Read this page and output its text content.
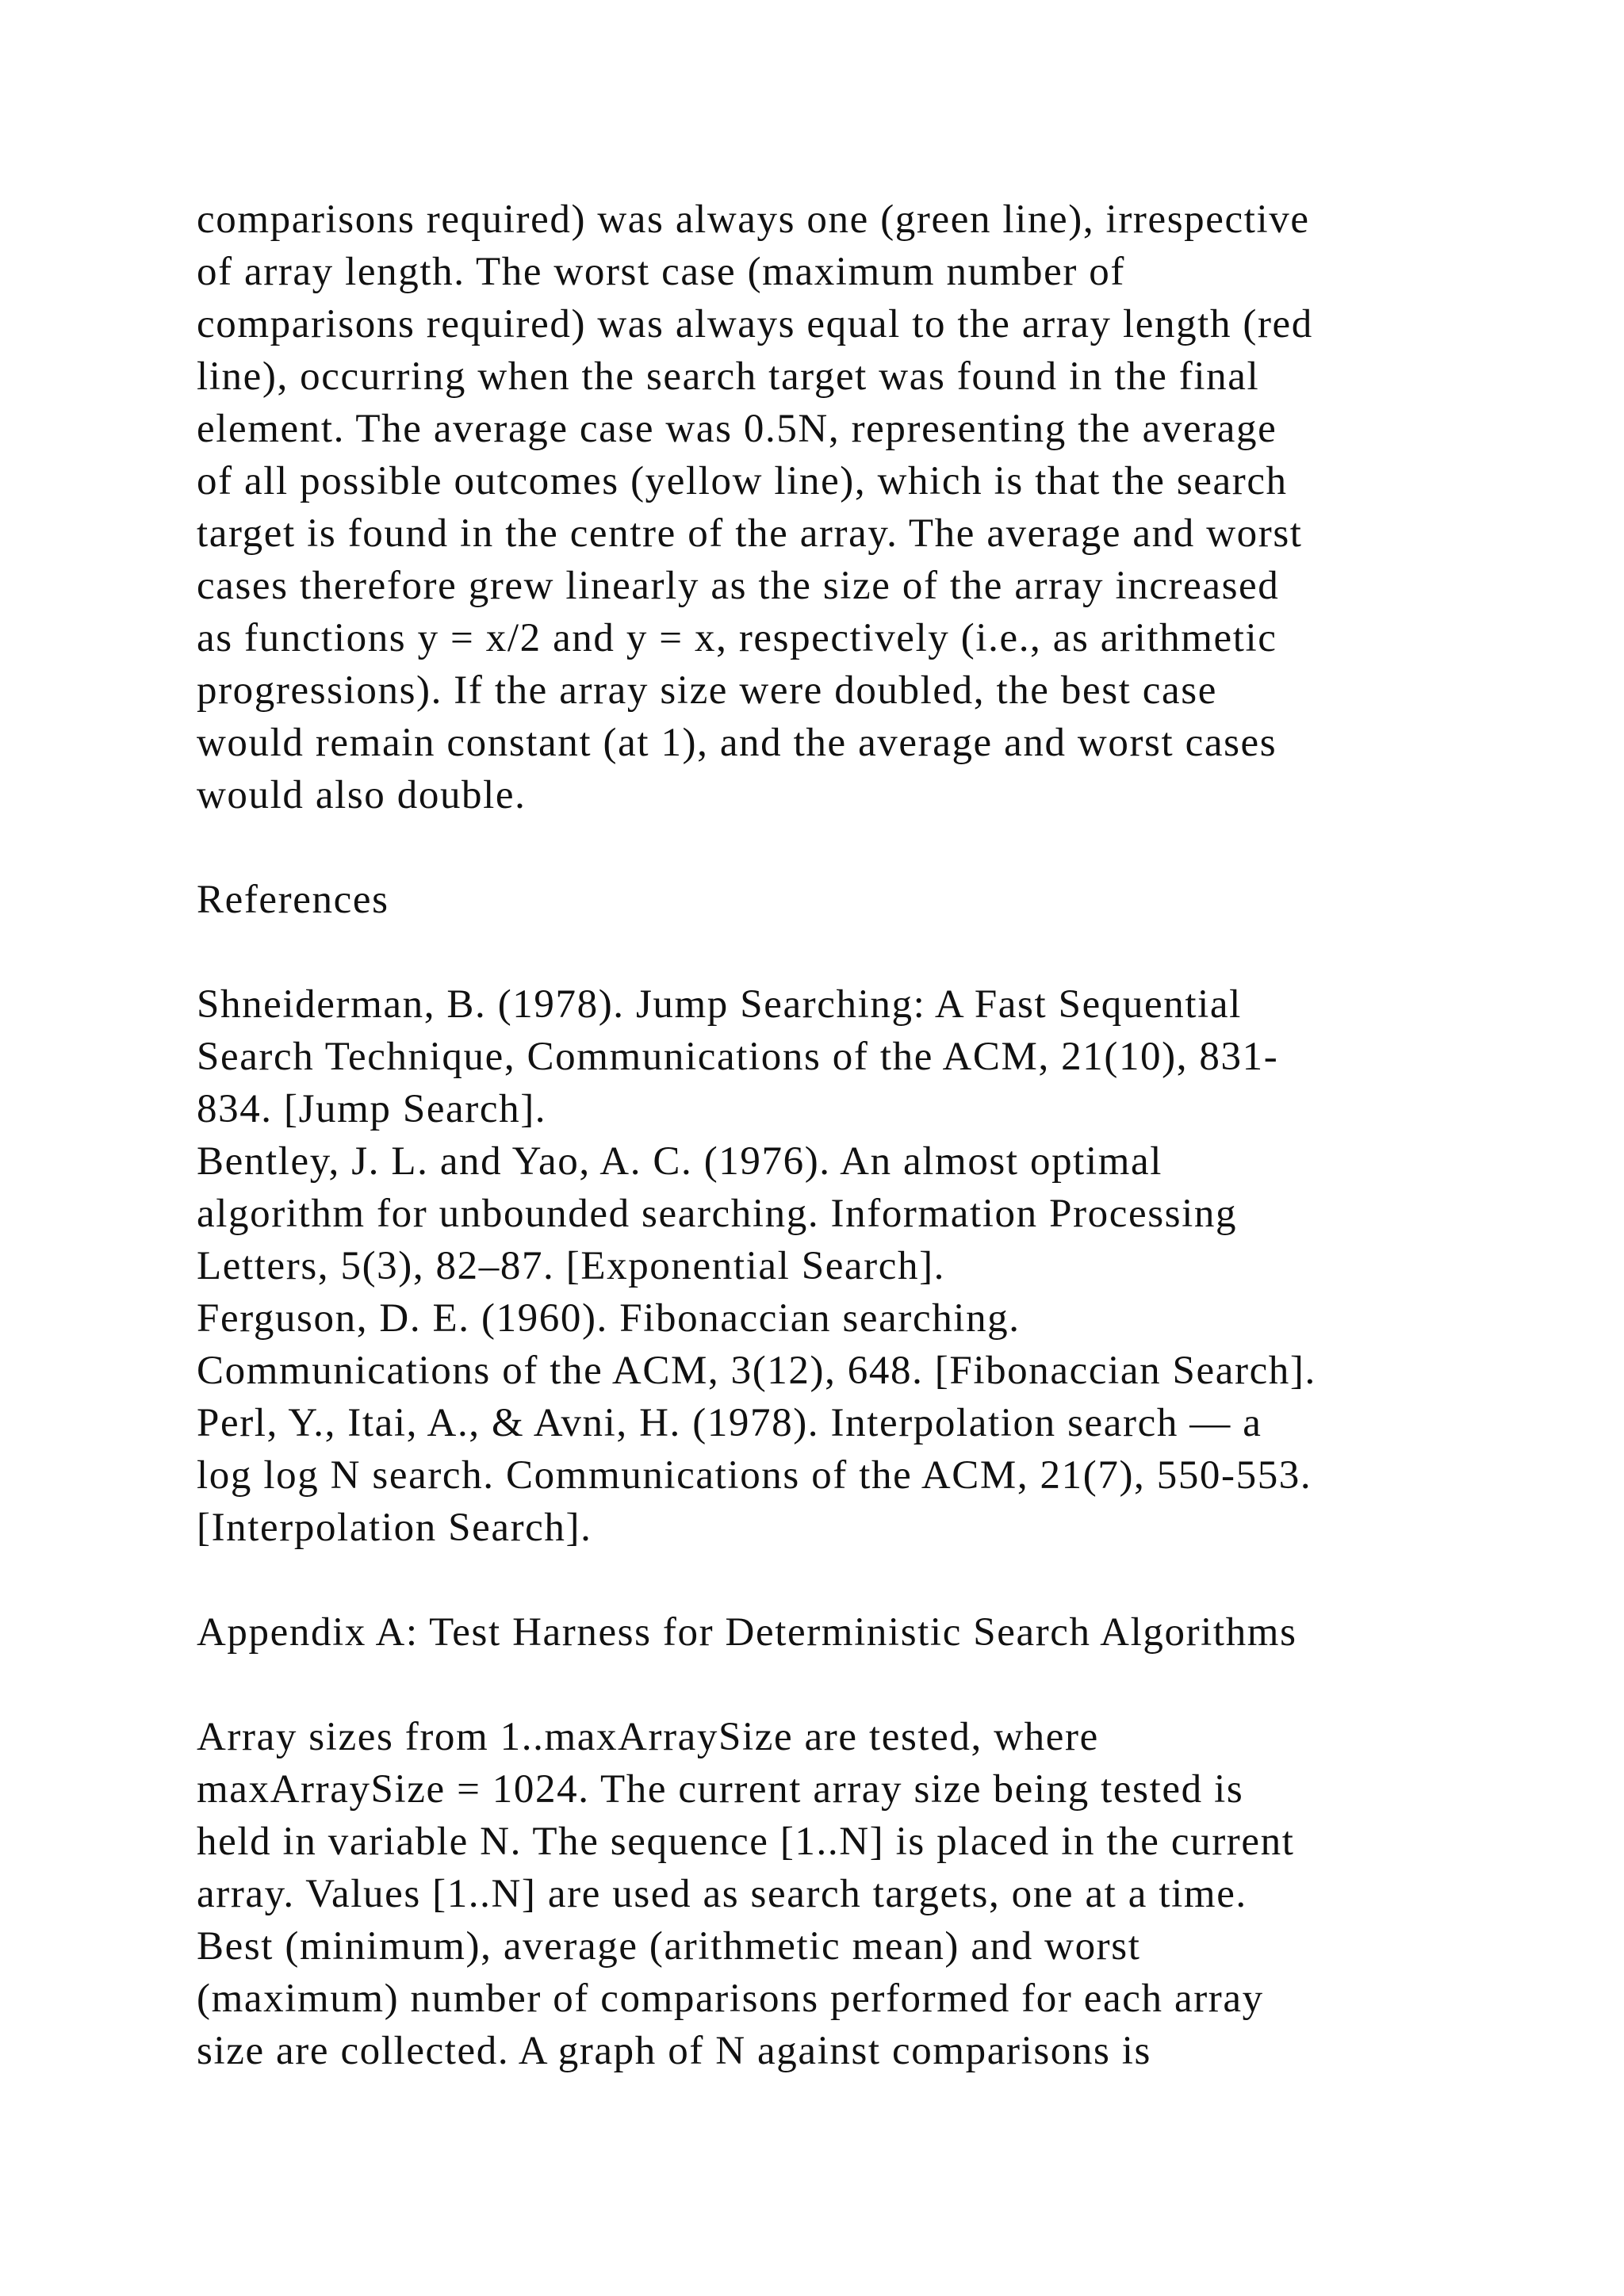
comparisons required) was always one (green line), irrespective
of array length. The worst case (maximum number of
comparisons required) was always equal to the array length (red
line), occurring when the search target was found in the final
element. The average case was 0.5N, representing the average
of all possible outcomes (yellow line), which is that the search
target is found in the centre of the array. The average and worst
cases therefore grew linearly as the size of the array increased
as functions y = x/2 and y = x, respectively (i.e., as arithmetic
progressions). If the array size were doubled, the best case
would remain constant (at 1), and the average and worst cases
would also double.
References
Shneiderman, B. (1978). Jump Searching: A Fast Sequential
Search Technique, Communications of the ACM, 21(10), 831-
834. [Jump Search].
Bentley, J. L. and Yao, A. C. (1976). An almost optimal
algorithm for unbounded searching. Information Processing
Letters, 5(3), 82–87. [Exponential Search].
Ferguson, D. E. (1960). Fibonaccian searching.
Communications of the ACM, 3(12), 648. [Fibonaccian Search].
Perl, Y., Itai, A., & Avni, H. (1978). Interpolation search — a
log log N search. Communications of the ACM, 21(7), 550-553.
[Interpolation Search].
Appendix A: Test Harness for Deterministic Search Algorithms
Array sizes from 1..maxArraySize are tested, where
maxArraySize = 1024. The current array size being tested is
held in variable N. The sequence [1..N] is placed in the current
array. Values [1..N] are used as search targets, one at a time.
Best (minimum), average (arithmetic mean) and worst
(maximum) number of comparisons performed for each array
size are collected. A graph of N against comparisons is
